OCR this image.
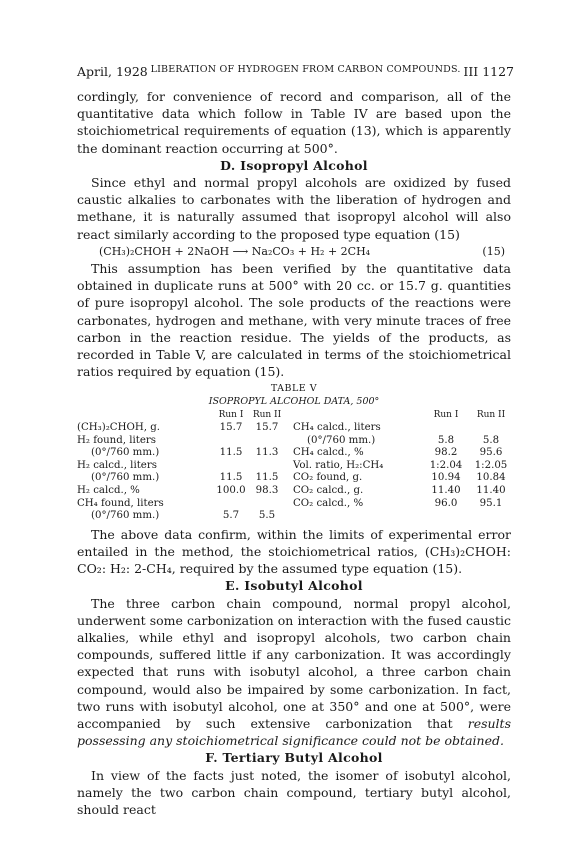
April, 1928 LIBERATION OF HYDROGEN FROM CARBON COMPOUNDS. III 1127

cordingly, for convenience of record and comparison, all of the quantitative data which follow in Table IV are based upon the stoichiometrical requirements of equation (13), which is apparently the dominant reaction occurring at 500°.

D. Isopropyl Alcohol

Since ethyl and normal propyl alcohols are oxidized by fused caustic alkalies to carbonates with the liberation of hydrogen and methane, it is naturally assumed that isopropyl alcohol will also react similarly according to the proposed type equation (15)

(CH₃)₂CHOH + 2NaOH ⟶ Na₂CO₃ + H₂ + 2CH₄	(15)

This assumption has been verified by the quantitative data obtained in duplicate runs at 500° with 20 cc. or 15.7 g. quantities of pure isopropyl alcohol. The sole products of the reactions were carbonates, hydrogen and methane, with very minute traces of free carbon in the reaction residue. The yields of the products, as recorded in Table V, are calculated in terms of the stoichiometrical ratios required by equation (15).

TABLE V
ISOPROPYL ALCOHOL DATA, 500°
	Run I	Run II			Run I	Run II
(CH₃)₂CHOH, g.	15.7	15.7		CH₄ calcd., liters		
H₂ found, liters				(0°/760 mm.)	5.8	5.8
(0°/760 mm.)	11.5	11.3		CH₄ calcd., %	98.2	95.6
H₂ calcd., liters				Vol. ratio, H₂:CH₄	1:2.04	1:2.05
(0°/760 mm.)	11.5	11.5		CO₂ found, g.	10.94	10.84
H₂ calcd., %	100.0	98.3		CO₂ calcd., g.	11.40	11.40
CH₄ found, liters				CO₂ calcd., %	96.0	95.1
(0°/760 mm.)	5.7	5.5				

The above data confirm, within the limits of experimental error entailed in the method, the stoichiometrical ratios, (CH₃)₂CHOH: CO₂: H₂: 2-CH₄, required by the assumed type equation (15).

E. Isobutyl Alcohol

The three carbon chain compound, normal propyl alcohol, underwent some carbonization on interaction with the fused caustic alkalies, while ethyl and isopropyl alcohols, two carbon chain compounds, suffered little if any carbonization. It was accordingly expected that runs with isobutyl alcohol, a three carbon chain compound, would also be impaired by some carbonization. In fact, two runs with isobutyl alcohol, one at 350° and one at 500°, were accompanied by such extensive carbonization that results possessing any stoichiometrical significance could not be obtained.

F. Tertiary Butyl Alcohol

In view of the facts just noted, the isomer of isobutyl alcohol, namely the two carbon chain compound, tertiary butyl alcohol, should react
